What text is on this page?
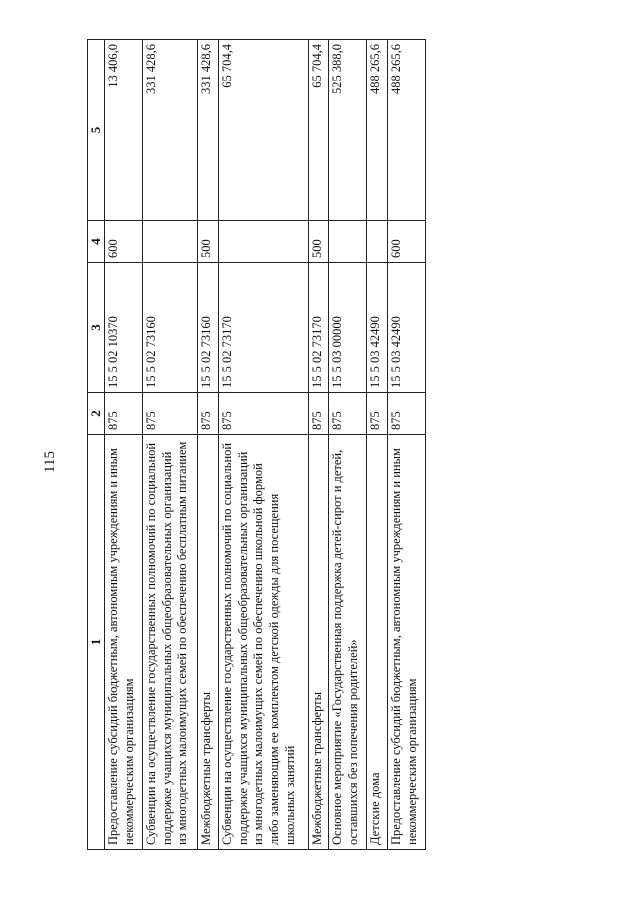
115
1	2	3	4	5
Предоставление субсидий бюджетным, автономным учреждениям и иным некоммерческим организациям	875	15 5 02 10370	600	13 406,0
Субвенции на осуществление государственных полномочий по социальной поддержке учащихся муниципальных общеобразовательных организаций из многодетных малоимущих семей по обеспечению бесплатным питанием	875	15 5 02 73160		331 428,6
Межбюджетные трансферты	875	15 5 02 73160	500	331 428,6
Субвенции на осуществление государственных полномочий по социальной поддержке учащихся муниципальных общеобразовательных организаций из многодетных малоимущих семей по обеспечению школьной формой либо заменяющим ее комплектом детской одежды для посещения школьных занятий	875	15 5 02 73170		65 704,4
Межбюджетные трансферты	875	15 5 02 73170	500	65 704,4
Основное мероприятие «Государственная поддержка детей-сирот и детей, оставшихся без попечения родителей»	875	15 5 03 00000		525 388,0
Детские дома	875	15 5 03 42490		488 265,6
Предоставление субсидий бюджетным, автономным учреждениям и иным некоммерческим организациям	875	15 5 03 42490	600	488 265,6
